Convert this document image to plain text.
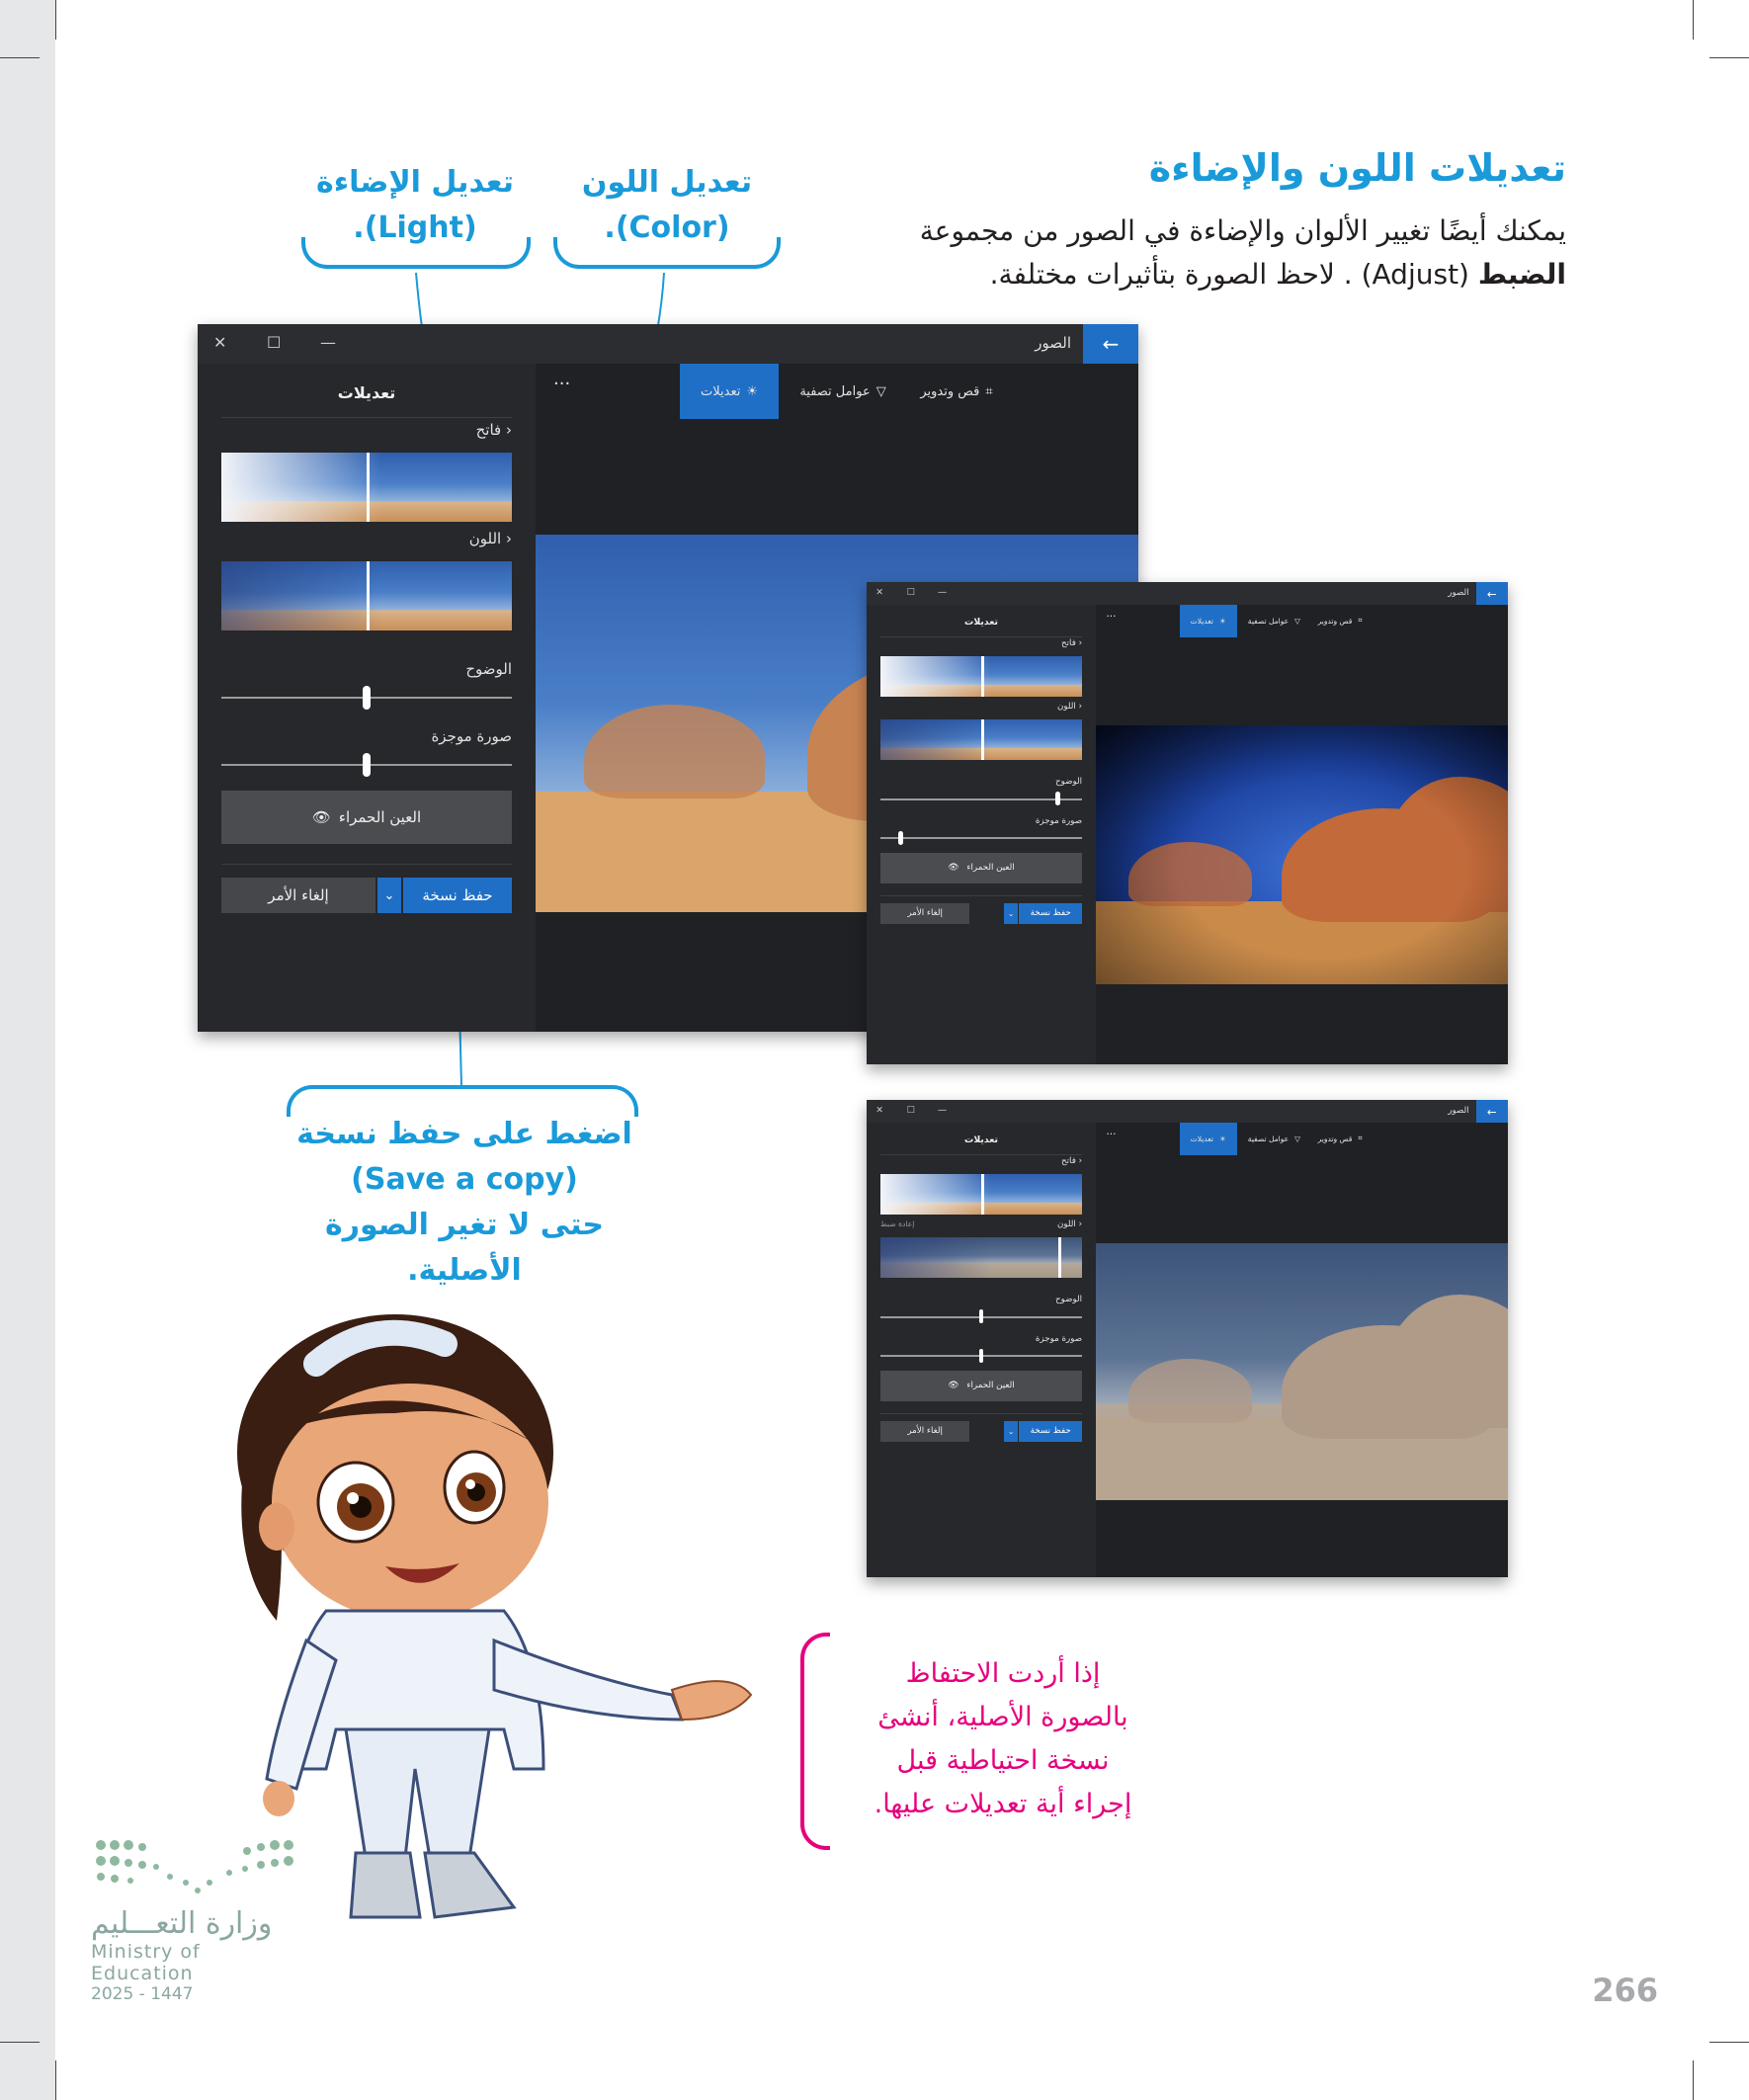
تعديلات اللون والإضاءة

يمكنك أيضًا تغيير الألوان والإضاءة في الصور من مجموعة
الضبط (Adjust) . لاحظ الصورة بتأثيرات مختلفة.

تعديل الإضاءة
(Light).
تعديل اللون
(Color).
اضغط على حفظ نسخة
(Save a copy)
حتى لا تغير الصورة الأصلية.
←
الصور
✕	☐ —
تعديلات
‹ فاتح
‹ اللون
الوضوح
صورة موجزة
العين الحمراء
👁
حفظ نسخة
⌄
إلغاء الأمر
···	☀
تعديلات	▽
عوامل تصفية	⌗
قص وتدوير
←
الصور
✕	☐ —
تعديلات
‹ فاتح
‹ اللون
الوضوح
صورة موجزة
العين الحمراء
👁
حفظ نسخة
⌄
إلغاء الأمر
···	☀
تعديلات	▽
عوامل تصفية	⌗
قص وتدوير
←
الصور
✕	☐ —
تعديلات
‹ فاتح
‹ اللون
إعادة ضبط
الوضوح
صورة موجزة
العين الحمراء
👁
حفظ نسخة
⌄
إلغاء الأمر
···	☀
تعديلات	▽
عوامل تصفية	⌗
قص وتدوير
إذا أردت الاحتفاظ
بالصورة الأصلية، أنشئ
نسخة احتياطية قبل
إجراء أية تعديلات عليها.
وزارة التعـــليم
Ministry of Education
2025 - 1447	266
